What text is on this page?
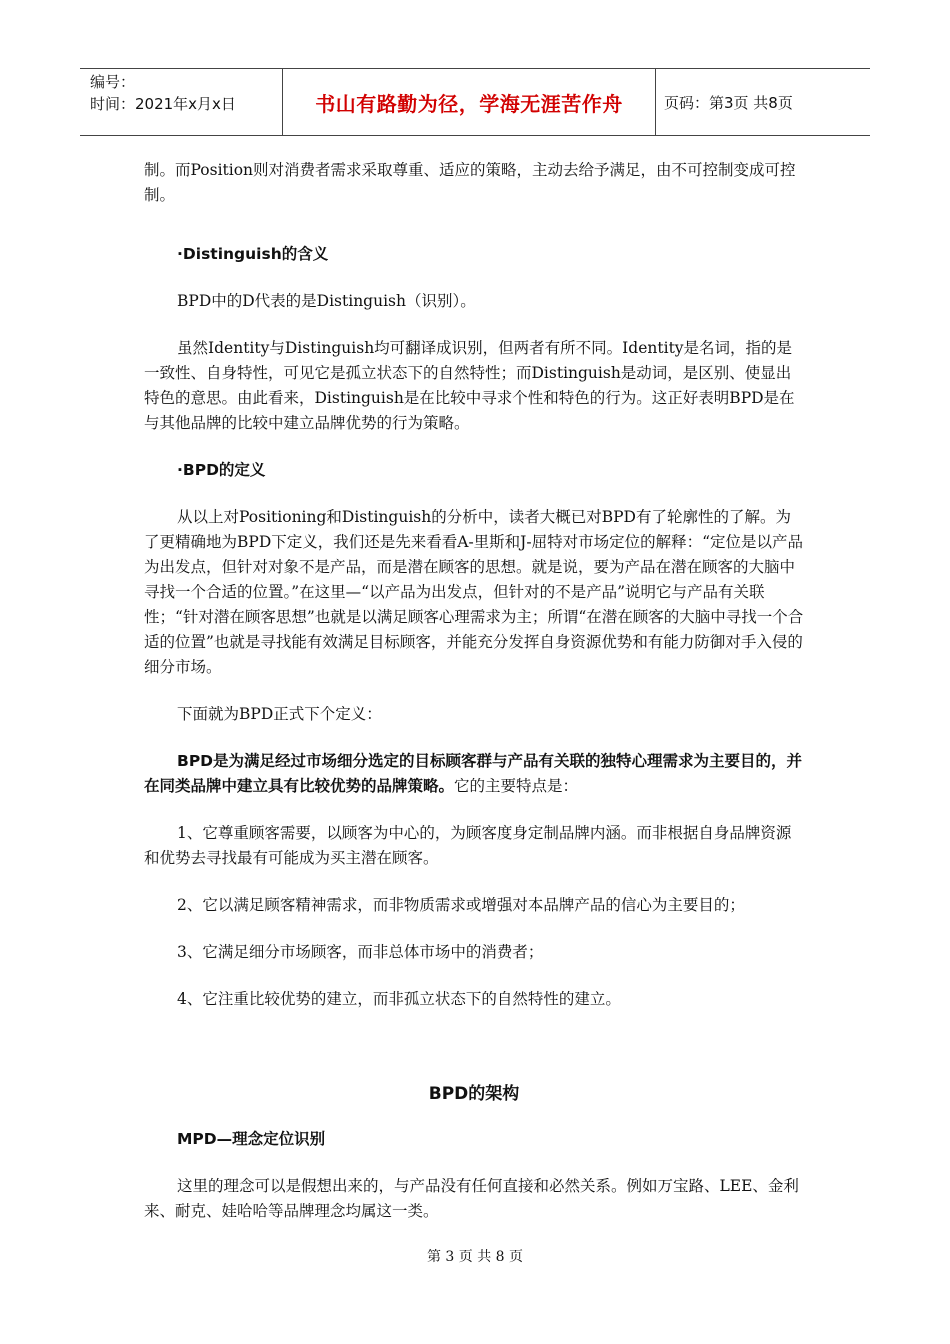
编号：
时间：2021年x月x日	书山有路勤为径，学海无涯苦作舟	页码：第3页 共8页

制。而Position则对消费者需求采取尊重、适应的策略，主动去给予满足，由不可控制变成可控制。

·Distinguish的含义

BPD中的D代表的是Distinguish（识别）。

虽然Identity与Distinguish均可翻译成识别，但两者有所不同。Identity是名词，指的是一致性、自身特性，可见它是孤立状态下的自然特性；而Distinguish是动词，是区别、使显出特色的意思。由此看来，Distinguish是在比较中寻求个性和特色的行为。这正好表明BPD是在与其他品牌的比较中建立品牌优势的行为策略。

·BPD的定义

从以上对Positioning和Distinguish的分析中，读者大概已对BPD有了轮廓性的了解。为了更精确地为BPD下定义，我们还是先来看看A-里斯和J-屈特对市场定位的解释：“定位是以产品为出发点，但针对对象不是产品，而是潜在顾客的思想。就是说，要为产品在潜在顾客的大脑中寻找一个合适的位置。”在这里—“以产品为出发点，但针对的不是产品”说明它与产品有关联性；“针对潜在顾客思想”也就是以满足顾客心理需求为主；所谓“在潜在顾客的大脑中寻找一个合适的位置”也就是寻找能有效满足目标顾客，并能充分发挥自身资源优势和有能力防御对手入侵的细分市场。

下面就为BPD正式下个定义：

BPD是为满足经过市场细分选定的目标顾客群与产品有关联的独特心理需求为主要目的，并在同类品牌中建立具有比较优势的品牌策略。它的主要特点是：

1、它尊重顾客需要，以顾客为中心的，为顾客度身定制品牌内涵。而非根据自身品牌资源和优势去寻找最有可能成为买主潜在顾客。

2、它以满足顾客精神需求，而非物质需求或增强对本品牌产品的信心为主要目的；

3、它满足细分市场顾客，而非总体市场中的消费者；

4、它注重比较优势的建立，而非孤立状态下的自然特性的建立。

BPD的架构

MPD—理念定位识别

这里的理念可以是假想出来的，与产品没有任何直接和必然关系。例如万宝路、LEE、金利来、耐克、娃哈哈等品牌理念均属这一类。

第 3 页 共 8 页
